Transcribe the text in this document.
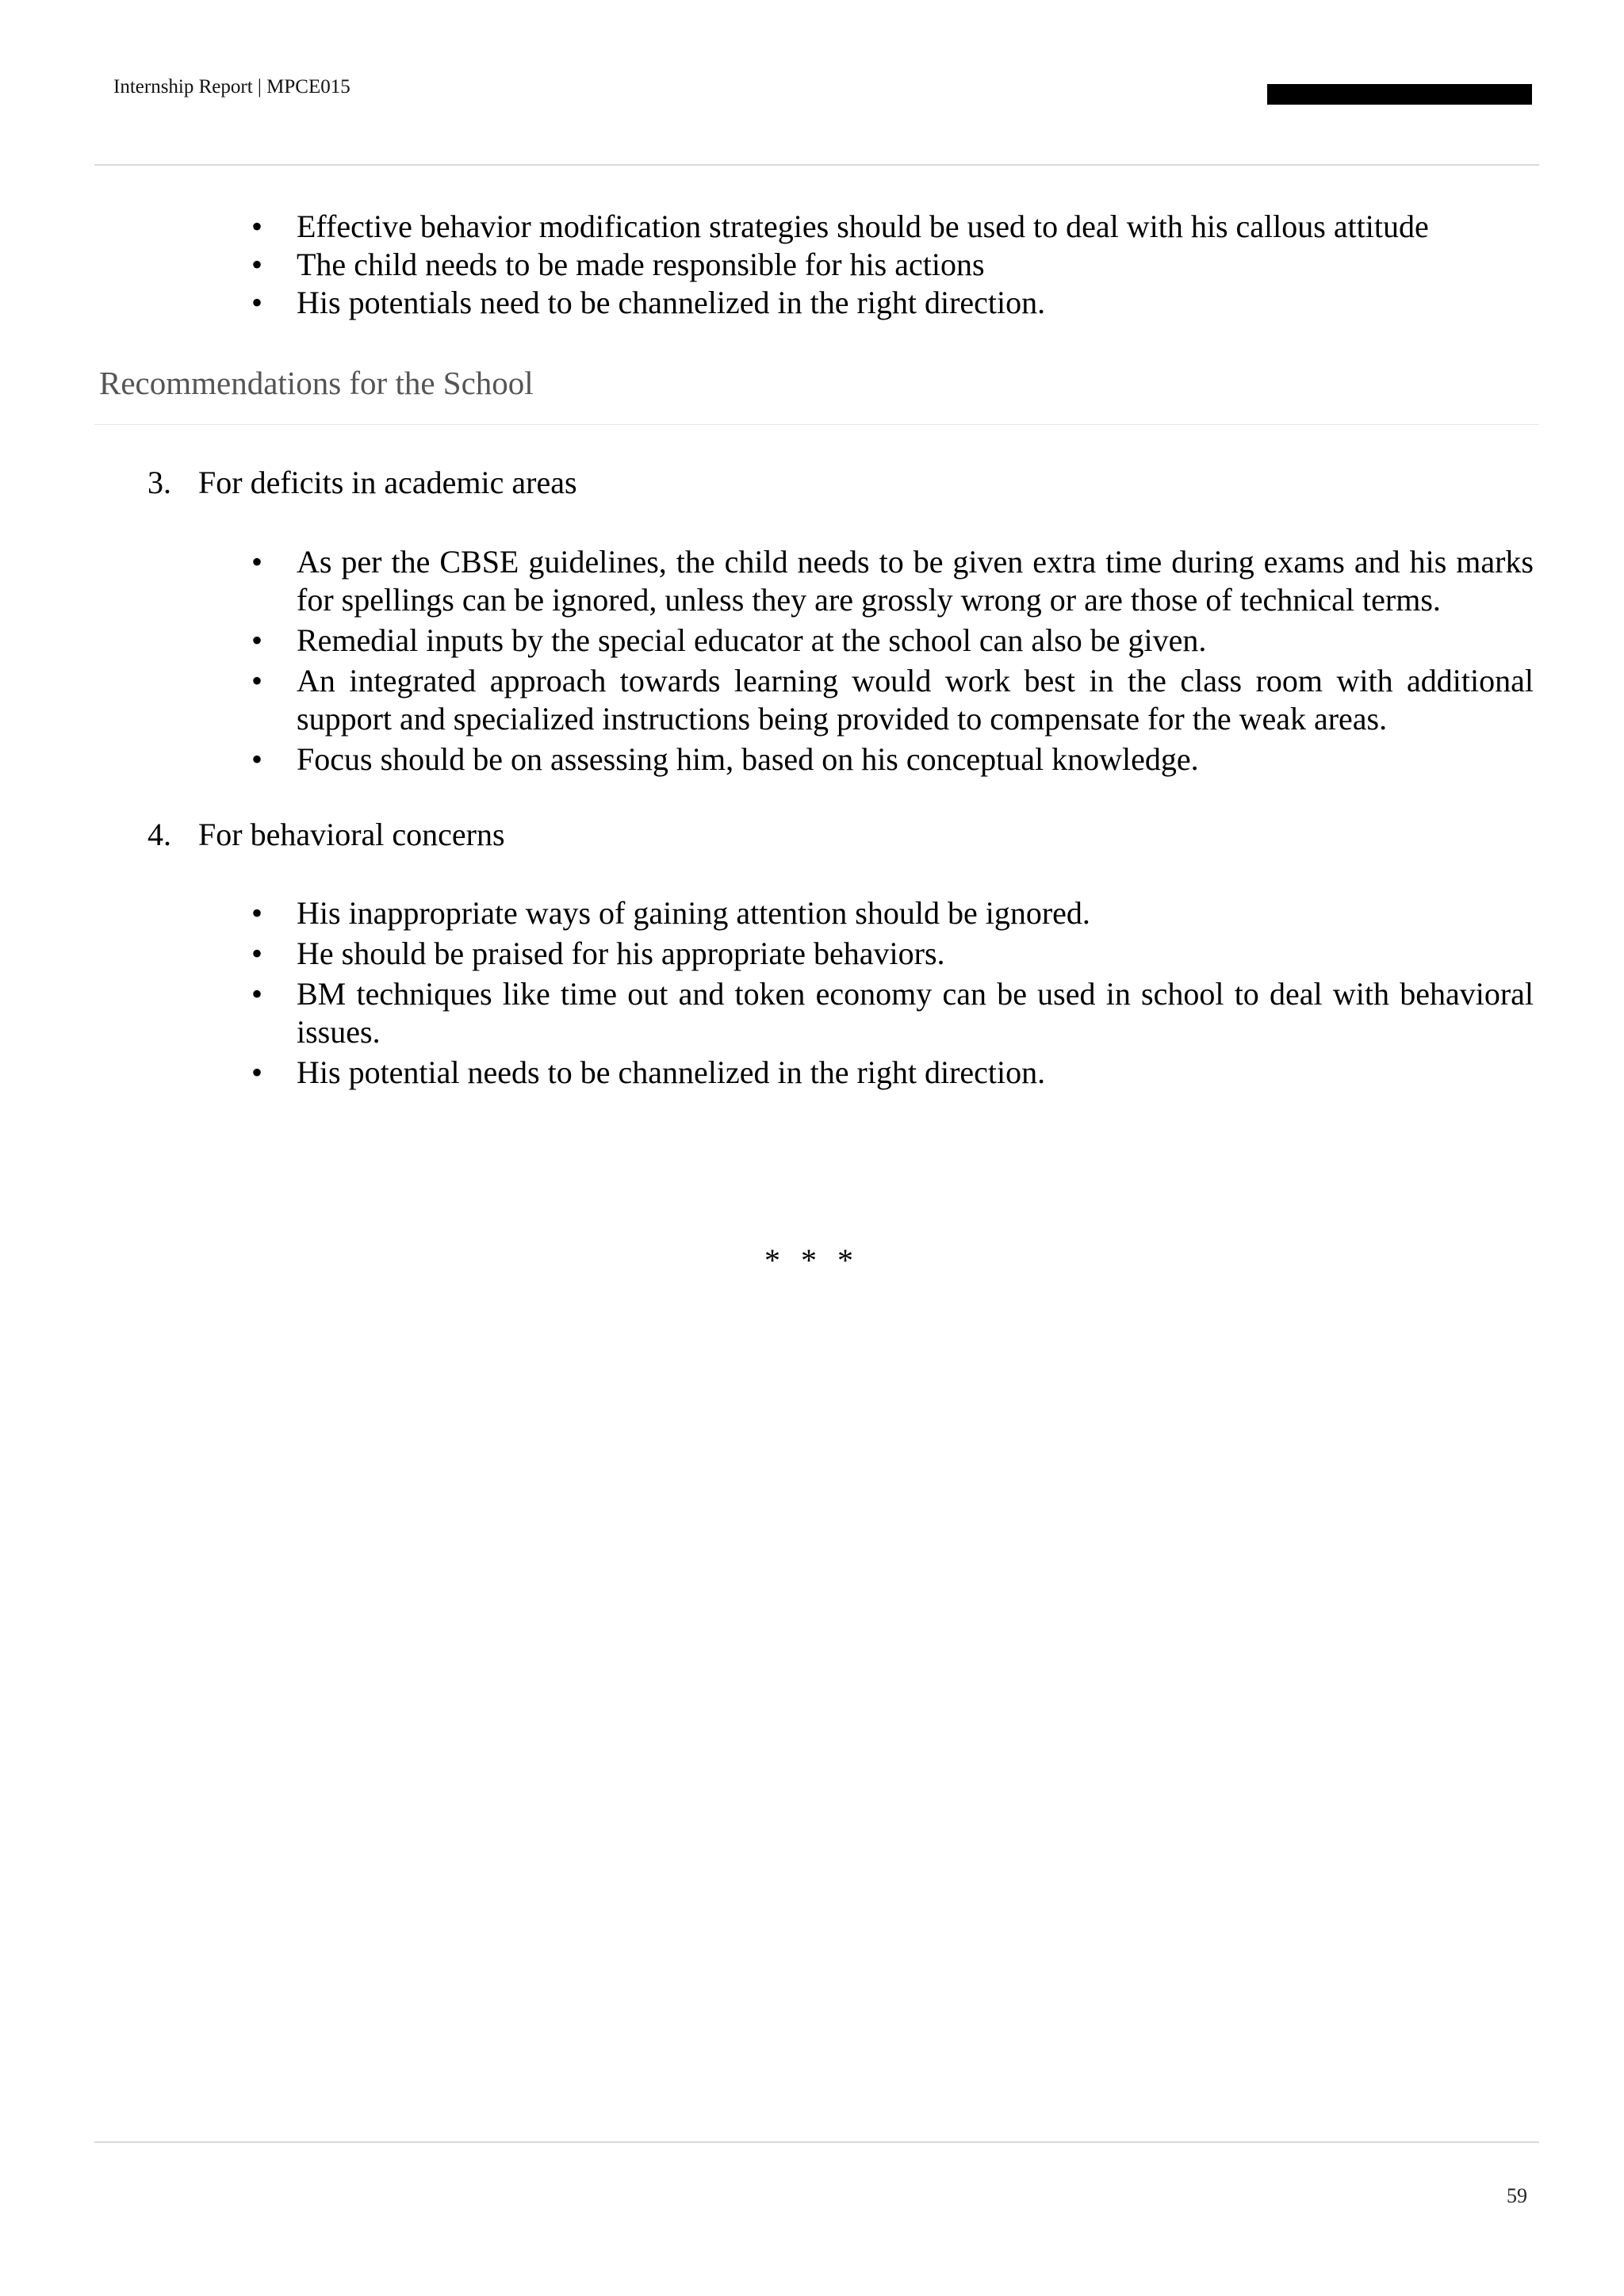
Internship Report | MPCE015
• Effective behavior modification strategies should be used to deal with his callous attitude
• The child needs to be made responsible for his actions
• His potentials need to be channelized in the right direction.
Recommendations for the School
3. For deficits in academic areas
• As per the CBSE guidelines, the child needs to be given extra time during exams and his marks for spellings can be ignored, unless they are grossly wrong or are those of technical terms.
• Remedial inputs by the special educator at the school can also be given.
• An integrated approach towards learning would work best in the class room with additional support and specialized instructions being provided to compensate for the weak areas.
• Focus should be on assessing him, based on his conceptual knowledge.
4. For behavioral concerns
• His inappropriate ways of gaining attention should be ignored.
• He should be praised for his appropriate behaviors.
• BM techniques like time out and token economy can be used in school to deal with behavioral issues.
• His potential needs to be channelized in the right direction.
* * *
59
